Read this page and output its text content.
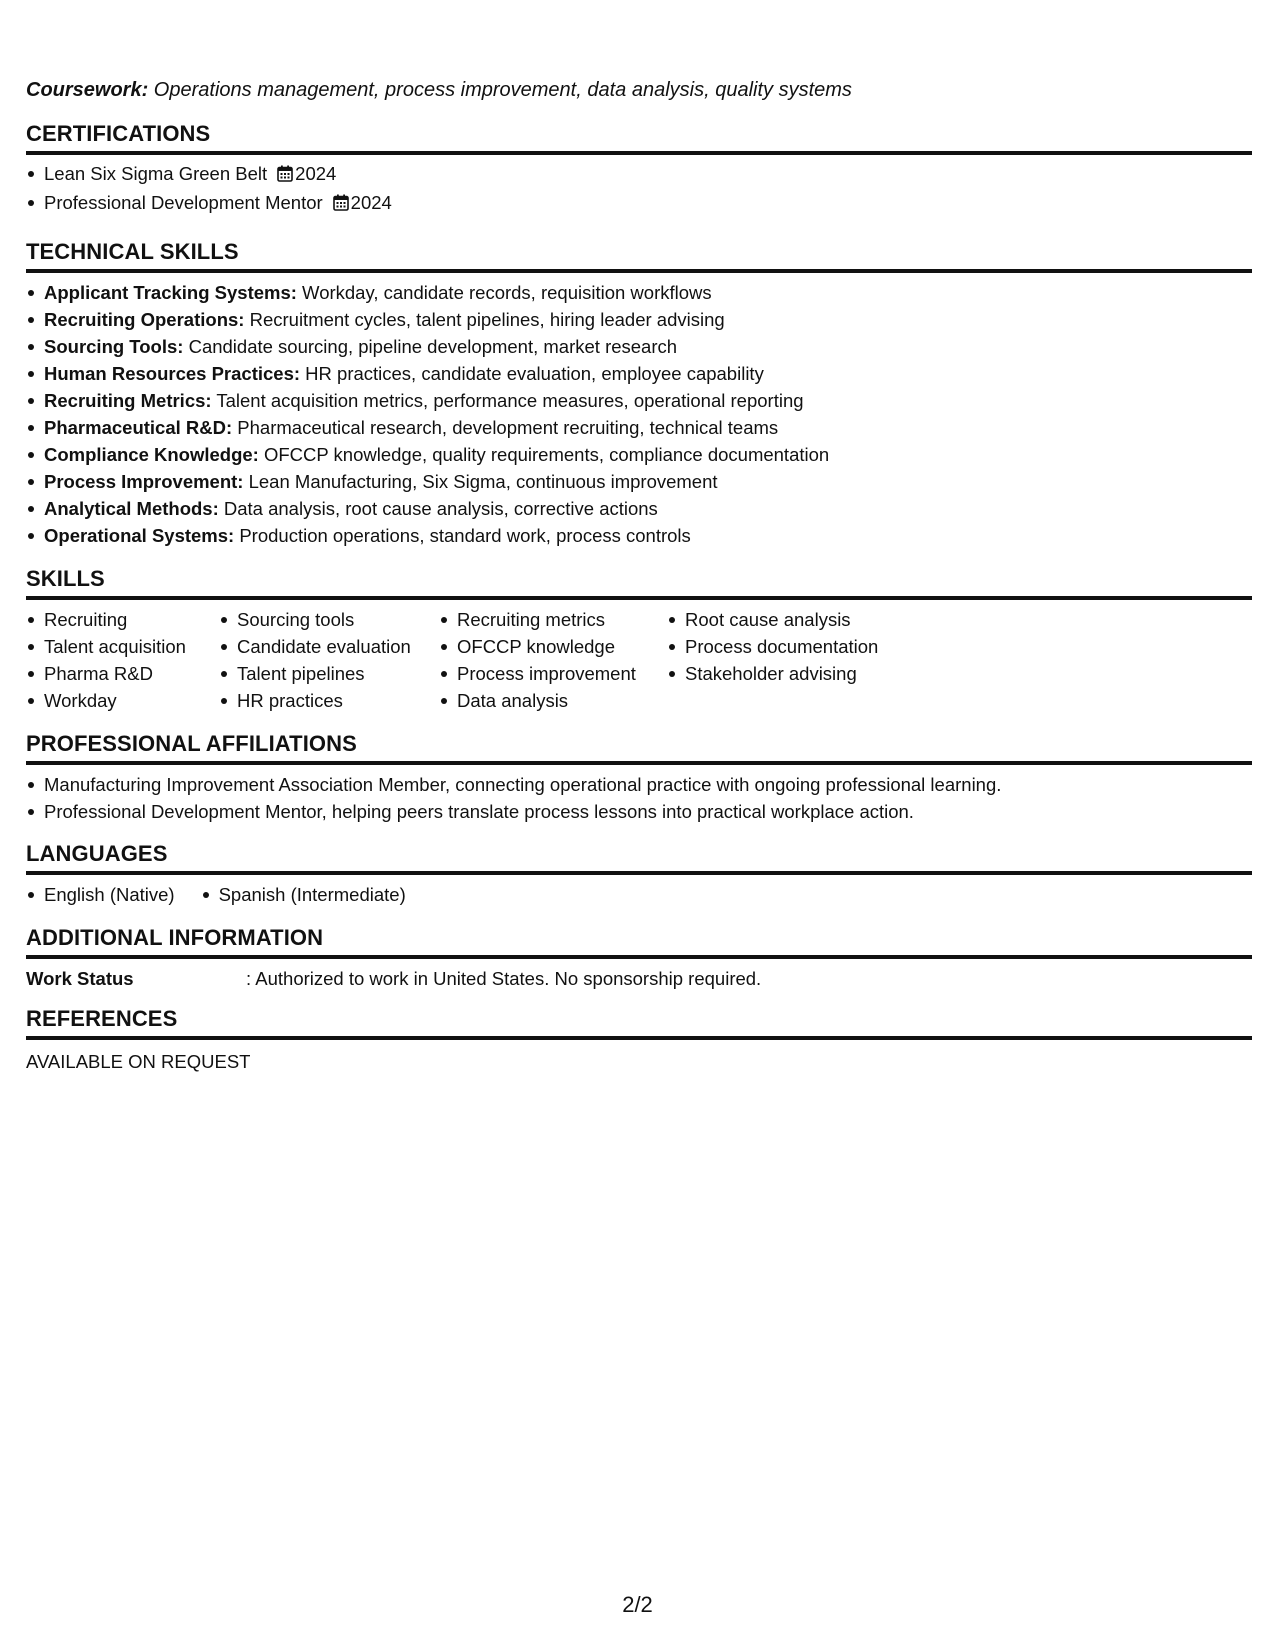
Coursework: Operations management, process improvement, data analysis, quality systems
CERTIFICATIONS
Lean Six Sigma Green Belt 2024
Professional Development Mentor 2024
TECHNICAL SKILLS
Applicant Tracking Systems: Workday, candidate records, requisition workflows
Recruiting Operations: Recruitment cycles, talent pipelines, hiring leader advising
Sourcing Tools: Candidate sourcing, pipeline development, market research
Human Resources Practices: HR practices, candidate evaluation, employee capability
Recruiting Metrics: Talent acquisition metrics, performance measures, operational reporting
Pharmaceutical R&D: Pharmaceutical research, development recruiting, technical teams
Compliance Knowledge: OFCCP knowledge, quality requirements, compliance documentation
Process Improvement: Lean Manufacturing, Six Sigma, continuous improvement
Analytical Methods: Data analysis, root cause analysis, corrective actions
Operational Systems: Production operations, standard work, process controls
SKILLS
Recruiting
Talent acquisition
Pharma R&D
Workday
Sourcing tools
Candidate evaluation
Talent pipelines
HR practices
Recruiting metrics
OFCCP knowledge
Process improvement
Data analysis
Root cause analysis
Process documentation
Stakeholder advising
PROFESSIONAL AFFILIATIONS
Manufacturing Improvement Association Member, connecting operational practice with ongoing professional learning.
Professional Development Mentor, helping peers translate process lessons into practical workplace action.
LANGUAGES
English (Native)	Spanish (Intermediate)
ADDITIONAL INFORMATION
Work Status	: Authorized to work in United States. No sponsorship required.
REFERENCES
AVAILABLE ON REQUEST
2/2
